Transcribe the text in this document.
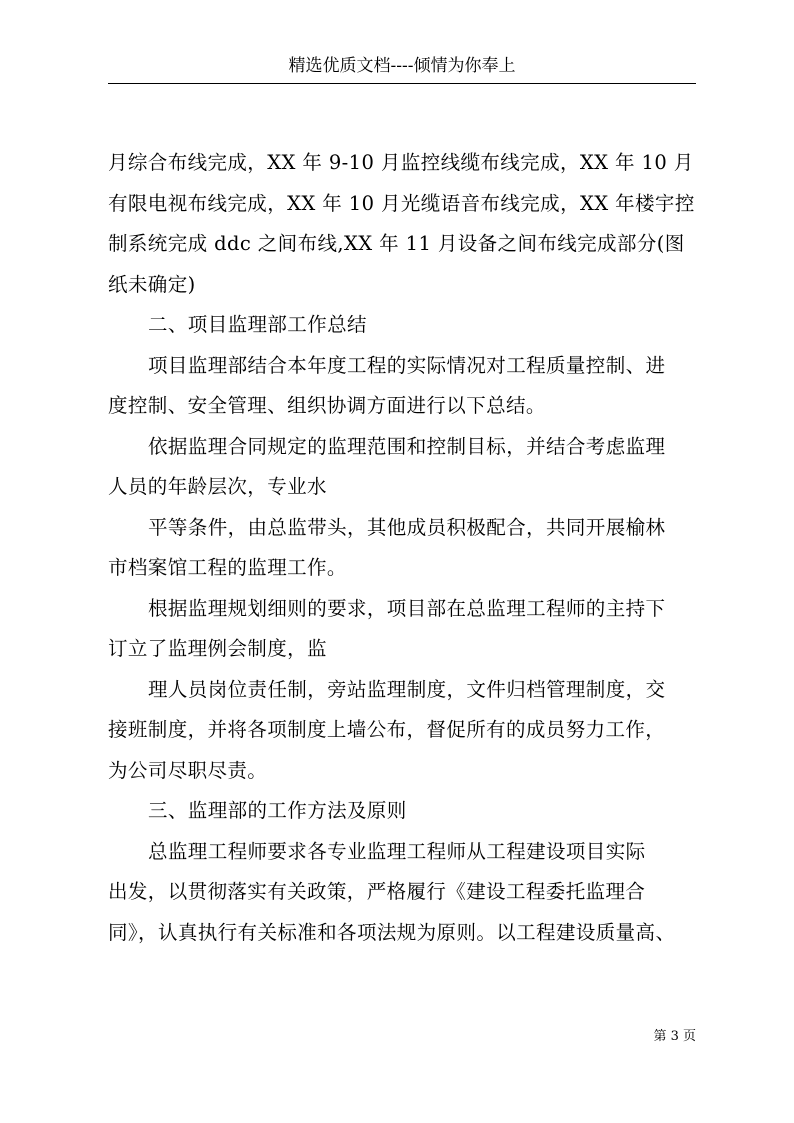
精选优质文档----倾情为你奉上
月综合布线完成，XX 年 9-10 月监控线缆布线完成，XX 年 10 月
有限电视布线完成，XX 年 10 月光缆语音布线完成，XX 年楼宇控
制系统完成 ddc 之间布线,XX 年 11 月设备之间布线完成部分(图
纸未确定)
二、项目监理部工作总结
项目监理部结合本年度工程的实际情况对工程质量控制、进
度控制、安全管理、组织协调方面进行以下总结。
依据监理合同规定的监理范围和控制目标，并结合考虑监理
人员的年龄层次，专业水
平等条件，由总监带头，其他成员积极配合，共同开展榆林
市档案馆工程的监理工作。
根据监理规划细则的要求，项目部在总监理工程师的主持下
订立了监理例会制度，监
理人员岗位责任制，旁站监理制度，文件归档管理制度，交
接班制度，并将各项制度上墙公布，督促所有的成员努力工作，
为公司尽职尽责。
三、监理部的工作方法及原则
总监理工程师要求各专业监理工程师从工程建设项目实际
出发，以贯彻落实有关政策，严格履行《建设工程委托监理合
同》，认真执行有关标准和各项法规为原则。以工程建设质量高、
第 3 页
